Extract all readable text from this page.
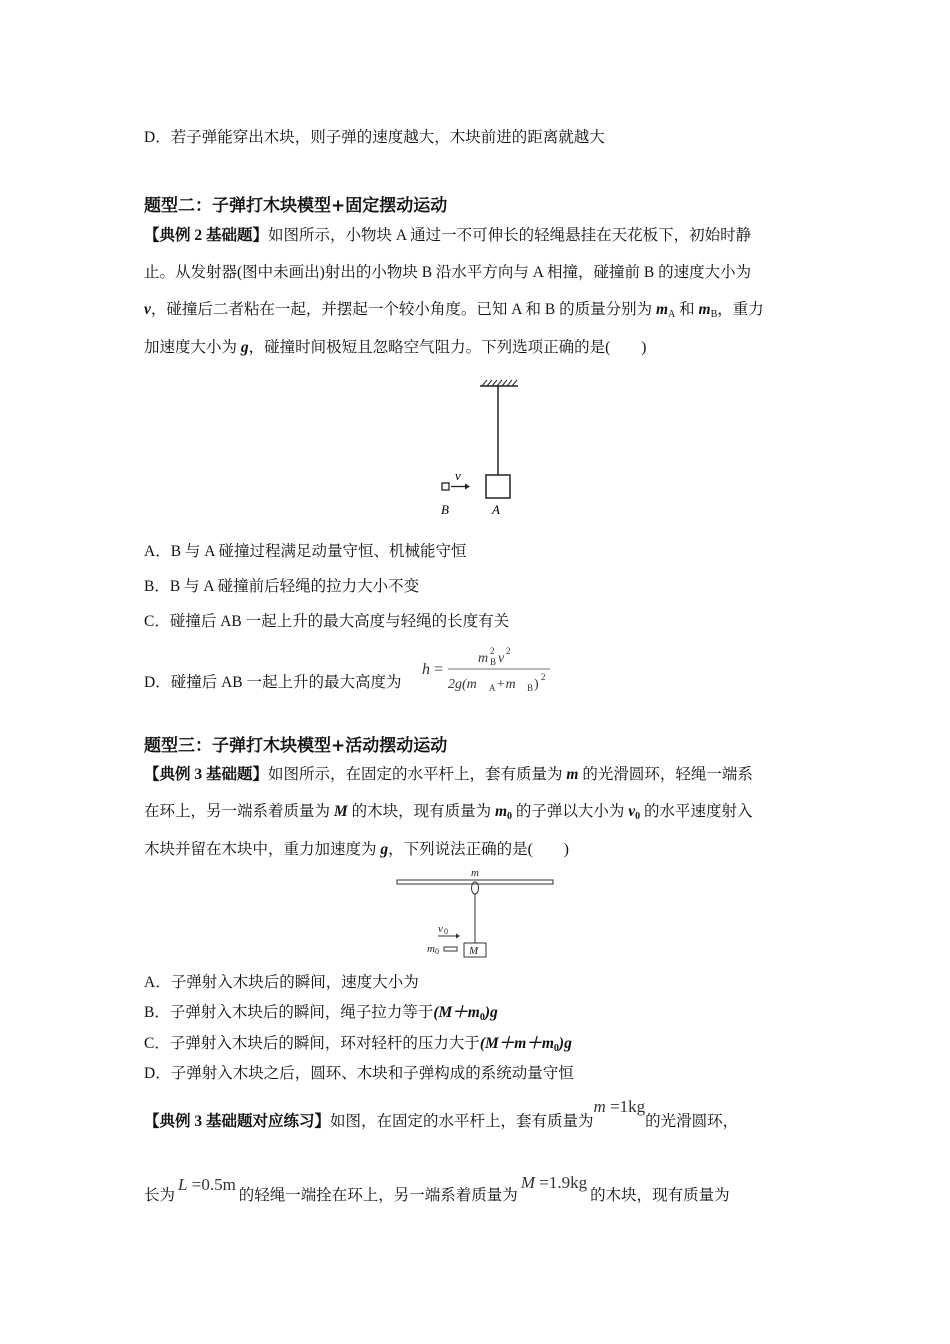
D．若子弹能穿出木块，则子弹的速度越大，木块前进的距离就越大
题型二：子弹打木块模型+固定摆动运动
【典例 2 基础题】如图所示，小物块 A 通过一不可伸长的轻绳悬挂在天花板下，初始时静
止。从发射器(图中未画出)射出的小物块 B 沿水平方向与 A 相撞，碰撞前 B 的速度大小为
v，碰撞后二者粘在一起，并摆起一个较小角度。已知 A 和 B 的质量分别为 $m_A$ 和 $m_B$，重力
加速度大小为 g，碰撞时间极短且忽略空气阻力。下列选项正确的是(　　)
v
B	A
A．B 与 A 碰撞过程满足动量守恒、机械能守恒
B．B 与 A 碰撞前后轻绳的拉力大小不变
C．碰撞后 AB 一起上升的最大高度与轻绳的长度有关
D．碰撞后 AB 一起上升的最大高度为
h =
m 2
B v 2
2g(m A +m B ) 2
题型三：子弹打木块模型+活动摆动运动
【典例 3 基础题】如图所示，在固定的水平杆上，套有质量为 m 的光滑圆环，轻绳一端系
在环上，另一端系着质量为 M 的木块，现有质量为 $m_0$ 的子弹以大小为 $v_0$ 的水平速度射入
木块并留在木块中，重力加速度为 g，下列说法正确的是(　　)
m
v 0
m 0	M
A．子弹射入木块后的瞬间，速度大小为
B．子弹射入木块后的瞬间，绳子拉力等于$(M+m_0)g$
C．子弹射入木块后的瞬间，环对轻杆的压力大于$(M+m+m_0)g$
D．子弹射入木块之后，圆环、木块和子弹构成的系统动量守恒
【典例 3 基础题对应练习】如图，在固定的水平杆上，套有质量为m =1kg的光滑圆环，
长为L =0.5m的轻绳一端拴在环上，另一端系着质量为M =1.9kg的木块，现有质量为
